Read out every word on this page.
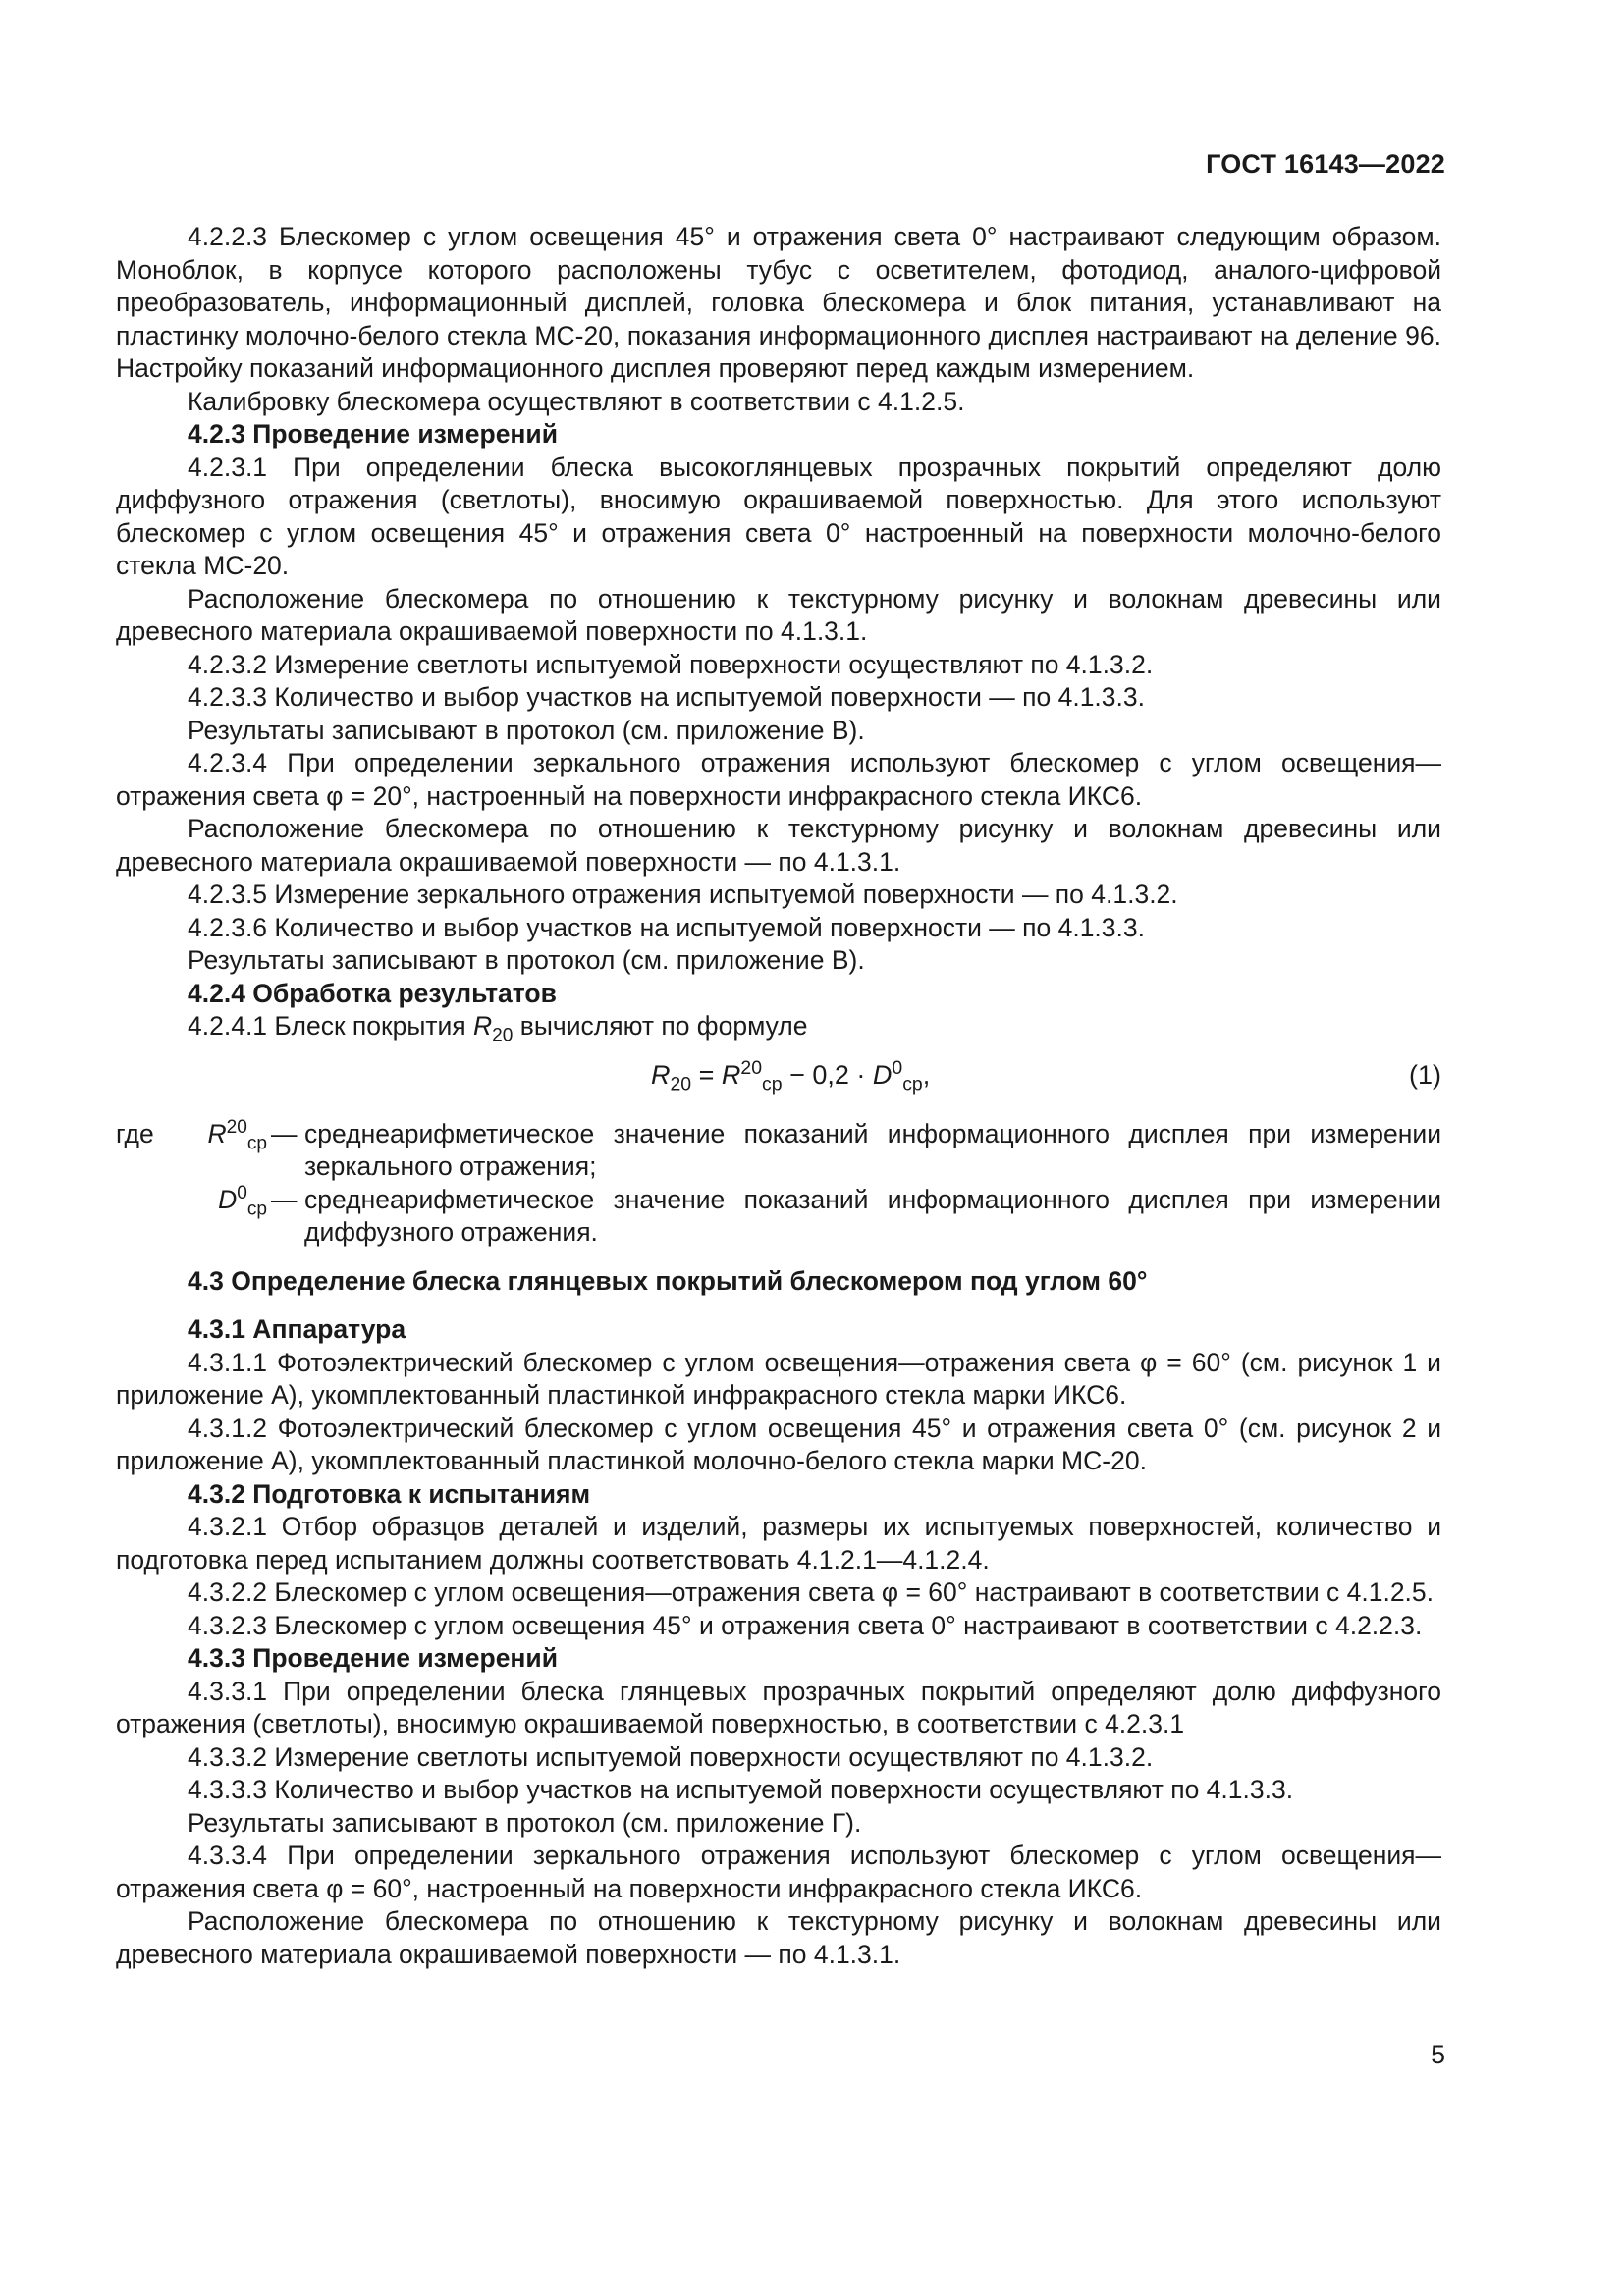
ГОСТ 16143—2022

4.2.2.3 Блескомер с углом освещения 45° и отражения света 0° настраивают следующим образом. Моноблок, в корпусе которого расположены тубус с осветителем, фотодиод, аналого-цифровой преобразователь, информационный дисплей, головка блескомера и блок питания, устанавливают на пластинку молочно-белого стекла МС-20, показания информационного дисплея настраивают на деление 96. Настройку показаний информационного дисплея проверяют перед каждым измерением.

Калибровку блескомера осуществляют в соответствии с 4.1.2.5.

4.2.3 Проведение измерений

4.2.3.1 При определении блеска высокоглянцевых прозрачных покрытий определяют долю диффузного отражения (светлоты), вносимую окрашиваемой поверхностью. Для этого используют блескомер с углом освещения 45° и отражения света 0° настроенный на поверхности молочно-белого стекла МС-20.

Расположение блескомера по отношению к текстурному рисунку и волокнам древесины или древесного материала окрашиваемой поверхности по 4.1.3.1.

4.2.3.2 Измерение светлоты испытуемой поверхности осуществляют по 4.1.3.2.

4.2.3.3 Количество и выбор участков на испытуемой поверхности — по 4.1.3.3.

Результаты записывают в протокол (см. приложение В).

4.2.3.4 При определении зеркального отражения используют блескомер с углом освещения—отражения света φ = 20°, настроенный на поверхности инфракрасного стекла ИКС6.

Расположение блескомера по отношению к текстурному рисунку и волокнам древесины или древесного материала окрашиваемой поверхности — по 4.1.3.1.

4.2.3.5 Измерение зеркального отражения испытуемой поверхности — по 4.1.3.2.

4.2.3.6 Количество и выбор участков на испытуемой поверхности — по 4.1.3.3.

Результаты записывают в протокол (см. приложение В).

4.2.4 Обработка результатов

4.2.4.1 Блеск покрытия $R_{20}$ вычисляют по формуле

$R_{20} = R^{20}_{ср} - 0,2 \cdot D^0_{ср}$,	(1)
где $R^{20}_{ср}$ — среднеарифметическое значение показаний информационного дисплея при измерении зеркального отражения;
$D^0_{ср}$ — среднеарифметическое значение показаний информационного дисплея при измерении диффузного отражения.

4.3 Определение блеска глянцевых покрытий блескомером под углом 60°

4.3.1 Аппаратура

4.3.1.1 Фотоэлектрический блескомер с углом освещения—отражения света φ = 60° (см. рисунок 1 и приложение А), укомплектованный пластинкой инфракрасного стекла марки ИКС6.

4.3.1.2 Фотоэлектрический блескомер с углом освещения 45° и отражения света 0° (см. рисунок 2 и приложение А), укомплектованный пластинкой молочно-белого стекла марки МС-20.

4.3.2 Подготовка к испытаниям

4.3.2.1 Отбор образцов деталей и изделий, размеры их испытуемых поверхностей, количество и подготовка перед испытанием должны соответствовать 4.1.2.1—4.1.2.4.

4.3.2.2 Блескомер с углом освещения—отражения света φ = 60° настраивают в соответствии с 4.1.2.5.

4.3.2.3 Блескомер с углом освещения 45° и отражения света 0° настраивают в соответствии с 4.2.2.3.

4.3.3 Проведение измерений

4.3.3.1 При определении блеска глянцевых прозрачных покрытий определяют долю диффузного отражения (светлоты), вносимую окрашиваемой поверхностью, в соответствии с 4.2.3.1

4.3.3.2 Измерение светлоты испытуемой поверхности осуществляют по 4.1.3.2.

4.3.3.3 Количество и выбор участков на испытуемой поверхности осуществляют по 4.1.3.3.

Результаты записывают в протокол (см. приложение Г).

4.3.3.4 При определении зеркального отражения используют блескомер с углом освещения—отражения света φ = 60°, настроенный на поверхности инфракрасного стекла ИКС6.

Расположение блескомера по отношению к текстурному рисунку и волокнам древесины или древесного материала окрашиваемой поверхности — по 4.1.3.1.

5
